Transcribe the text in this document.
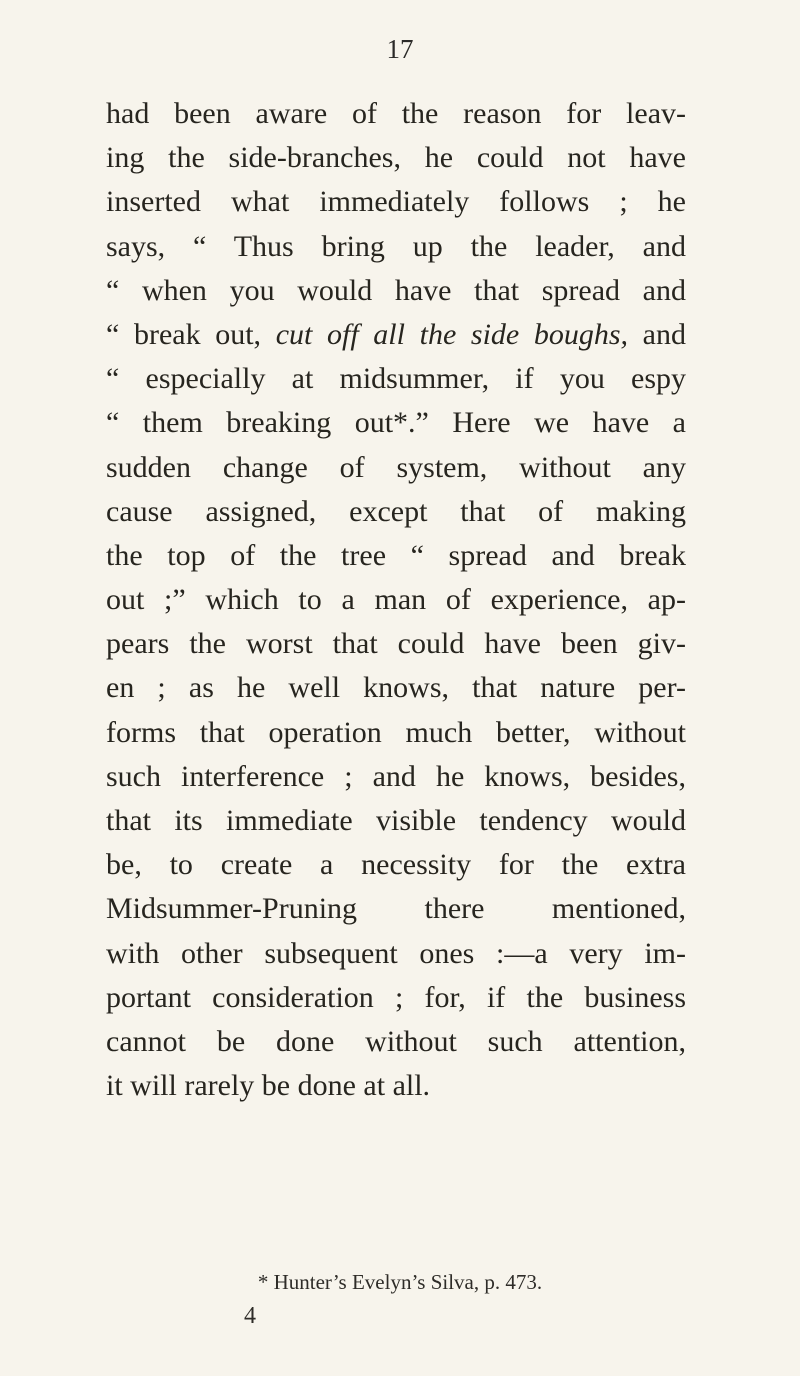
17
had been aware of the reason for leav-
ing the side-branches, he could not have
inserted what immediately follows ; he
says, “ Thus bring up the leader, and
“ when you would have that spread and
“ break out, cut off all the side boughs, and
“ especially at midsummer, if you espy
“ them breaking out*.” Here we have a
sudden change of system, without any
cause assigned, except that of making
the top of the tree “ spread and break
out ;” which to a man of experience, ap-
pears the worst that could have been giv-
en ; as he well knows, that nature per-
forms that operation much better, without
such interference ; and he knows, besides,
that its immediate visible tendency would
be, to create a necessity for the extra
Midsummer-Pruning there mentioned,
with other subsequent ones :—a very im-
portant consideration ; for, if the business
cannot be done without such attention,
it will rarely be done at all.
* Hunter’s Evelyn’s Silva, p. 473.
4
